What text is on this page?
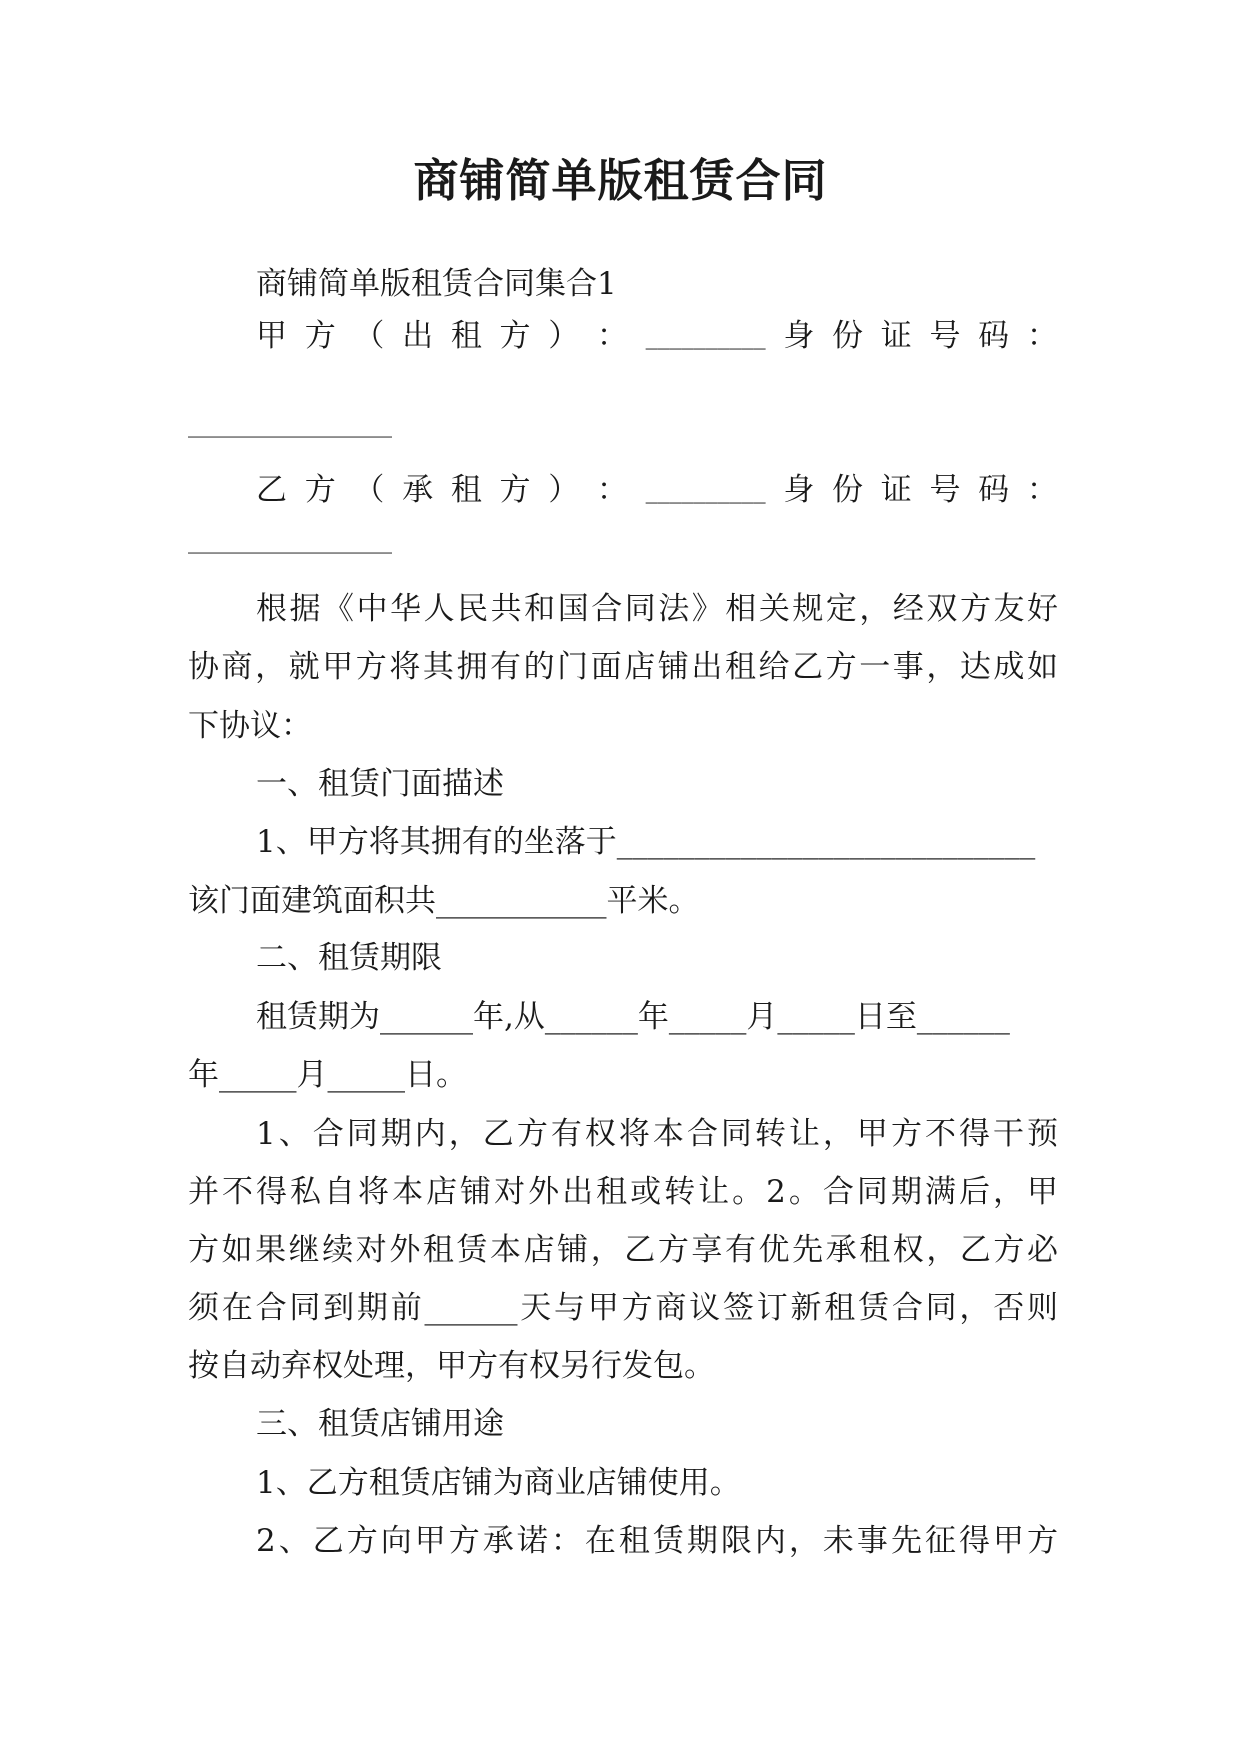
商铺简单版租赁合同

商铺简单版租赁合同集合1

甲 方 （ 出 租 方 ） ： __________ 身 份 证 号 码 ：

_________________

乙 方 （ 承 租 方 ） ： __________ 身 份 证 号 码 ：

_________________

根据《中华人民共和国合同法》相关规定，经双方友好

协商，就甲方将其拥有的门面店铺出租给乙方一事，达成如

下协议：

一、租赁门面描述

1、甲方将其拥有的坐落于___________________________

该门面建筑面积共___________平米。

二、租赁期限

租赁期为______年,从______年_____月_____日至______

年_____月_____日。

1、合同期内，乙方有权将本合同转让，甲方不得干预

并不得私自将本店铺对外出租或转让。2。合同期满后，甲

方如果继续对外租赁本店铺，乙方享有优先承租权，乙方必

须在合同到期前______天与甲方商议签订新租赁合同，否则

按自动弃权处理，甲方有权另行发包。

三、租赁店铺用途

1、乙方租赁店铺为商业店铺使用。

2、乙方向甲方承诺：在租赁期限内，未事先征得甲方
